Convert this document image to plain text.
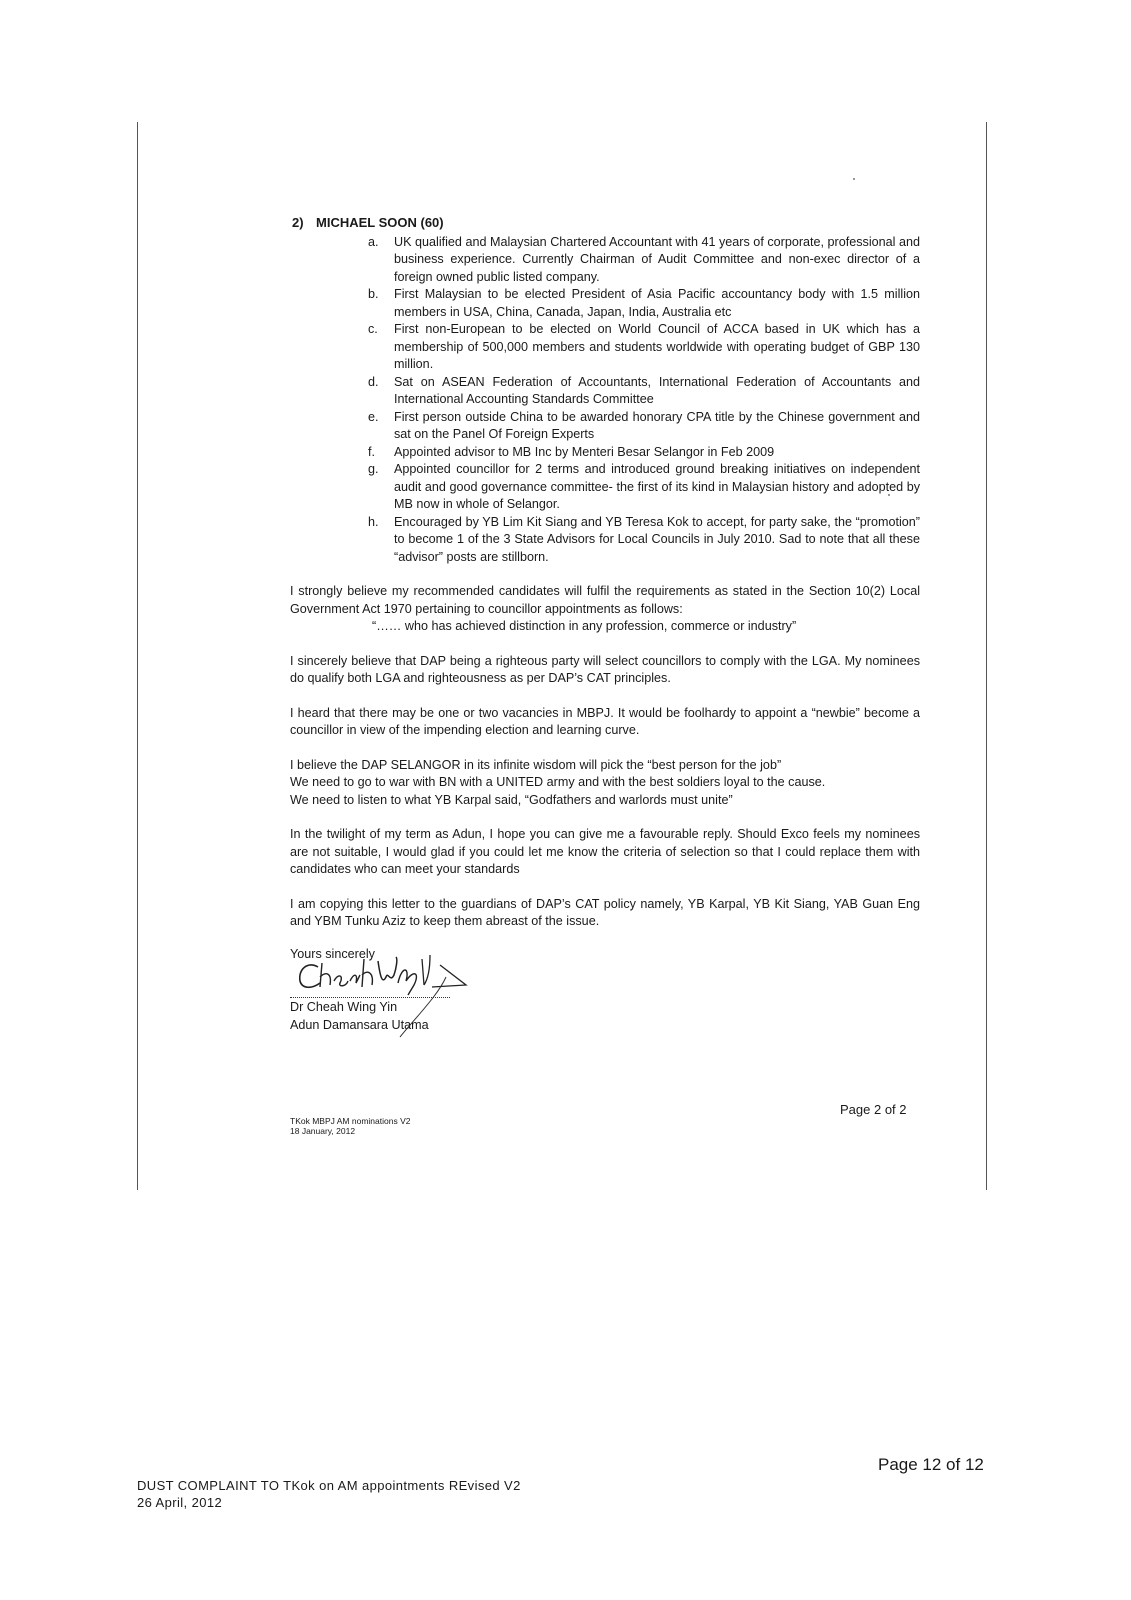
2) MICHAEL SOON (60)
a. UK qualified and Malaysian Chartered Accountant with 41 years of corporate, professional and business experience. Currently Chairman of Audit Committee and non-exec director of a foreign owned public listed company.
b. First Malaysian to be elected President of Asia Pacific accountancy body with 1.5 million members in USA, China, Canada, Japan, India, Australia etc
c. First non-European to be elected on World Council of ACCA based in UK which has a membership of 500,000 members and students worldwide with operating budget of GBP 130 million.
d. Sat on ASEAN Federation of Accountants, International Federation of Accountants and International Accounting Standards Committee
e. First person outside China to be awarded honorary CPA title by the Chinese government and sat on the Panel Of Foreign Experts
f. Appointed advisor to MB Inc by Menteri Besar Selangor in Feb 2009
g. Appointed councillor for 2 terms and introduced ground breaking initiatives on independent audit and good governance committee- the first of its kind in Malaysian history and adopted by MB now in whole of Selangor.
h. Encouraged by YB Lim Kit Siang and YB Teresa Kok to accept, for party sake, the “promotion” to become 1 of the 3 State Advisors for Local Councils in July 2010. Sad to note that all these “advisor” posts are stillborn.

I strongly believe my recommended candidates will fulfil the requirements as stated in the Section 10(2) Local Government Act 1970 pertaining to councillor appointments as follows:

“…… who has achieved distinction in any profession, commerce or industry”

I sincerely believe that DAP being a righteous party will select councillors to comply with the LGA. My nominees do qualify both LGA and righteousness as per DAP’s CAT principles.

I heard that there may be one or two vacancies in MBPJ. It would be foolhardy to appoint a “newbie” become a councillor in view of the impending election and learning curve.

I believe the DAP SELANGOR in its infinite wisdom will pick the “best person for the job”

We need to go to war with BN with a UNITED army and with the best soldiers loyal to the cause.

We need to listen to what YB Karpal said, “Godfathers and warlords must unite”

In the twilight of my term as Adun, I hope you can give me a favourable reply. Should Exco feels my nominees are not suitable, I would glad if you could let me know the criteria of selection so that I could replace them with candidates who can meet your standards

I am copying this letter to the guardians of DAP’s CAT policy namely, YB Karpal, YB Kit Siang, YAB Guan Eng and YBM Tunku Aziz to keep them abreast of the issue.

Yours sincerely
Dr Cheah Wing Yin
Adun Damansara Utama
TKok MBPJ AM nominations V2
18 January, 2012
Page 2 of 2
Page 12 of 12
DUST COMPLAINT TO TKok on AM appointments REvised V2
26 April, 2012
